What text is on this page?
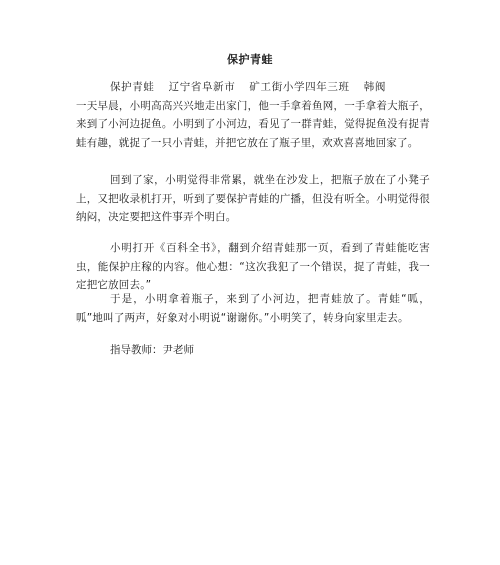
保护青蛙
保护青蛙 辽宁省阜新市 矿工街小学四年三班 韩阀一天早晨，小明高高兴兴地走出家门，他一手拿着鱼网，一手拿着大瓶子，来到了小河边捉鱼。小明到了小河边，看见了一群青蛙，觉得捉鱼没有捉青蛙有趣，就捉了一只小青蛙，并把它放在了瓶子里，欢欢喜喜地回家了。
回到了家，小明觉得非常累，就坐在沙发上，把瓶子放在了小凳子上，又把收录机打开，听到了要保护青蛙的广播，但没有听全。小明觉得很纳闷，决定要把这件事弄个明白。
小明打开《百科全书》，翻到介绍青蛙那一页，看到了青蛙能吃害虫，能保护庄稼的内容。他心想：“这次我犯了一个错误，捉了青蛙，我一定把它放回去。”
于是，小明拿着瓶子，来到了小河边，把青蛙放了。青蛙“呱，呱”地叫了两声，好象对小明说“谢谢你。”小明笑了，转身向家里走去。
指导教师：尹老师
